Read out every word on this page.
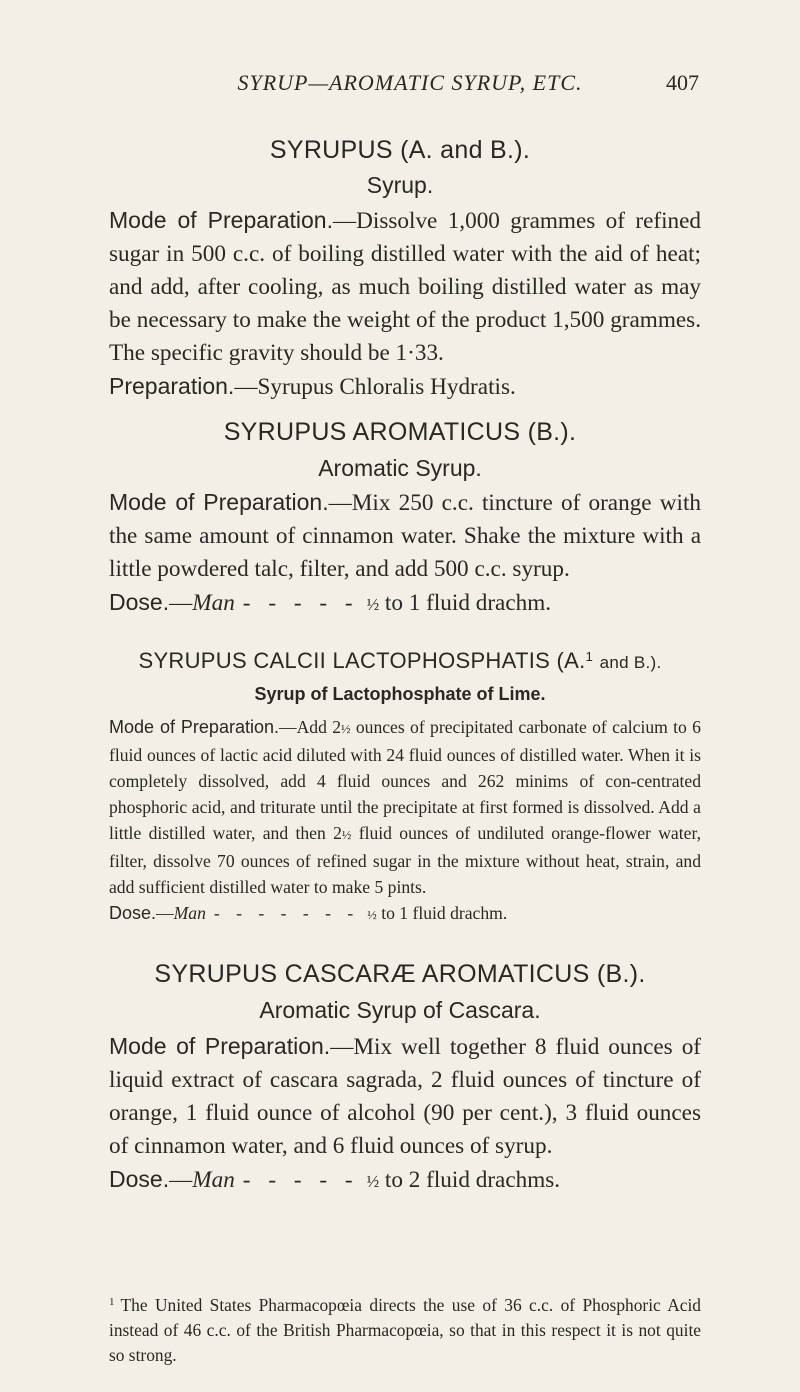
SYRUP—AROMATIC SYRUP, ETC.	407
SYRUPUS (A. and B.).
Syrup.
Mode of Preparation.—Dissolve 1,000 grammes of refined sugar in 500 c.c. of boiling distilled water with the aid of heat; and add, after cooling, as much boiling distilled water as may be necessary to make the weight of the product 1,500 grammes. The specific gravity should be 1·33.
Preparation.—Syrupus Chloralis Hydratis.
SYRUPUS AROMATICUS (B.).
Aromatic Syrup.
Mode of Preparation.—Mix 250 c.c. tincture of orange with the same amount of cinnamon water. Shake the mixture with a little powdered talc, filter, and add 500 c.c. syrup.
Dose.—Man - - - - - ½ to 1 fluid drachm.
SYRUPUS CALCII LACTOPHOSPHATIS (A.$^1$ and B.).
Syrup of Lactophosphate of Lime.
Mode of Preparation.—Add 2½ ounces of precipitated carbonate of calcium to 6 fluid ounces of lactic acid diluted with 24 fluid ounces of distilled water. When it is completely dissolved, add 4 fluid ounces and 262 minims of con-centrated phosphoric acid, and triturate until the precipitate at first formed is dissolved. Add a little distilled water, and then 2½ fluid ounces of undiluted orange-flower water, filter, dissolve 70 ounces of refined sugar in the mixture without heat, strain, and add sufficient distilled water to make 5 pints.
Dose.—Man - - - - - - - ½ to 1 fluid drachm.
SYRUPUS CASCARÆ AROMATICUS (B.).
Aromatic Syrup of Cascara.
Mode of Preparation.—Mix well together 8 fluid ounces of liquid extract of cascara sagrada, 2 fluid ounces of tincture of orange, 1 fluid ounce of alcohol (90 per cent.), 3 fluid ounces of cinnamon water, and 6 fluid ounces of syrup.
Dose.—Man - - - - - ½ to 2 fluid drachms.
$^1$ The United States Pharmacopœia directs the use of 36 c.c. of Phosphoric Acid instead of 46 c.c. of the British Pharmacopœia, so that in this respect it is not quite so strong.
